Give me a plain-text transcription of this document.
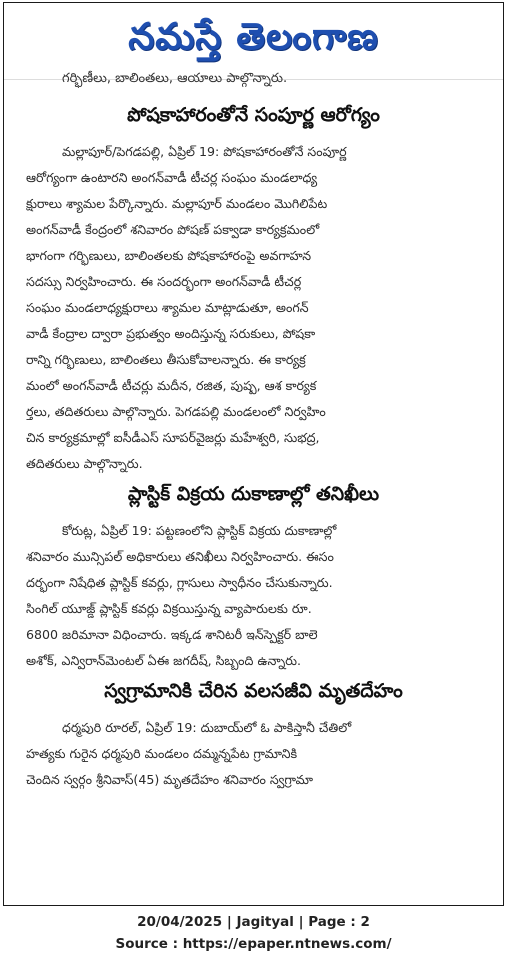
నమస్తే తెలంగాణ
గర్భిణీలు, బాలింతలు, ఆయాలు పాల్గొన్నారు.
పోషకాహారంతోనే సంపూర్ణ ఆరోగ్యం
మల్లాపూర్/పెగడపల్లి, ఏప్రిల్ 19: పోషకాహారంతోనే సంపూర్ణ
ఆరోగ్యంగా ఉంటారని అంగన్‌వాడీ టీచర్ల సంఘం మండలాధ్య
క్షురాలు శ్యామల పేర్కొన్నారు. మల్లాపూర్ మండలం మొగిలిపేట
అంగన్‌వాడీ కేంద్రంలో శనివారం పోషణ్ పక్వాడా కార్యక్రమంలో
భాగంగా గర్భిణులు, బాలింతలకు పోషకాహారంపై అవగాహన
సదస్సు నిర్వహించారు. ఈ సందర్భంగా అంగన్‌వాడీ టీచర్ల
సంఘం మండలాధ్యక్షురాలు శ్యామల మాట్లాడుతూ, అంగన్
వాడీ కేంద్రాల ద్వారా ప్రభుత్వం అందిస్తున్న సరుకులు, పోషకా
రాన్ని గర్భిణులు, బాలింతలు తీసుకోవాలన్నారు. ఈ కార్యక్ర
మంలో అంగన్‌వాడీ టీచర్లు మదీన, రజిత, పుష్ప, ఆశ కార్యక
ర్తలు, తదితరులు పాల్గొన్నారు. పెగడపల్లి మండలంలో నిర్వహిం
చిన కార్యక్రమాల్లో ఐసీడీఎస్ సూపర్‌వైజర్లు మహేశ్వరి, సుభద్ర,
తదితరులు పాల్గొన్నారు.
ప్లాస్టిక్ విక్రయ దుకాణాల్లో తనిఖీలు
కోరుట్ల, ఏప్రిల్ 19: పట్టణంలోని ప్లాస్టిక్ విక్రయ దుకాణాల్లో
శనివారం మున్సిపల్ అధికారులు తనిఖీలు నిర్వహించారు. ఈసం
దర్భంగా నిషేధిత ప్లాస్టిక్ కవర్లు, గ్లాసులు స్వాధీనం చేసుకున్నారు.
సింగిల్ యూజ్డ్ ప్లాస్టిక్ కవర్లు విక్రయిస్తున్న వ్యాపారులకు రూ.
6800 జరిమానా విధించారు. ఇక్కడ శానిటరీ ఇన్‌స్పెక్టర్ బాలె
అశోక్, ఎన్విరాన్‌మెంటల్ ఏఈ జగదీష్, సిబ్బంది ఉన్నారు.
స్వగ్రామానికి చేరిన వలసజీవి మృతదేహం
ధర్మపురి రూరల్, ఏప్రిల్ 19: దుబాయ్‌లో ఓ పాకిస్తానీ చేతిలో
హత్యకు గురైన ధర్మపురి మండలం దమ్మన్నపేట గ్రామానికి
చెందిన స్వర్గం శ్రీనివాస్(45) మృతదేహం శనివారం స్వగ్రామా
20/04/2025 | Jagityal | Page : 2
Source : https://epaper.ntnews.com/
